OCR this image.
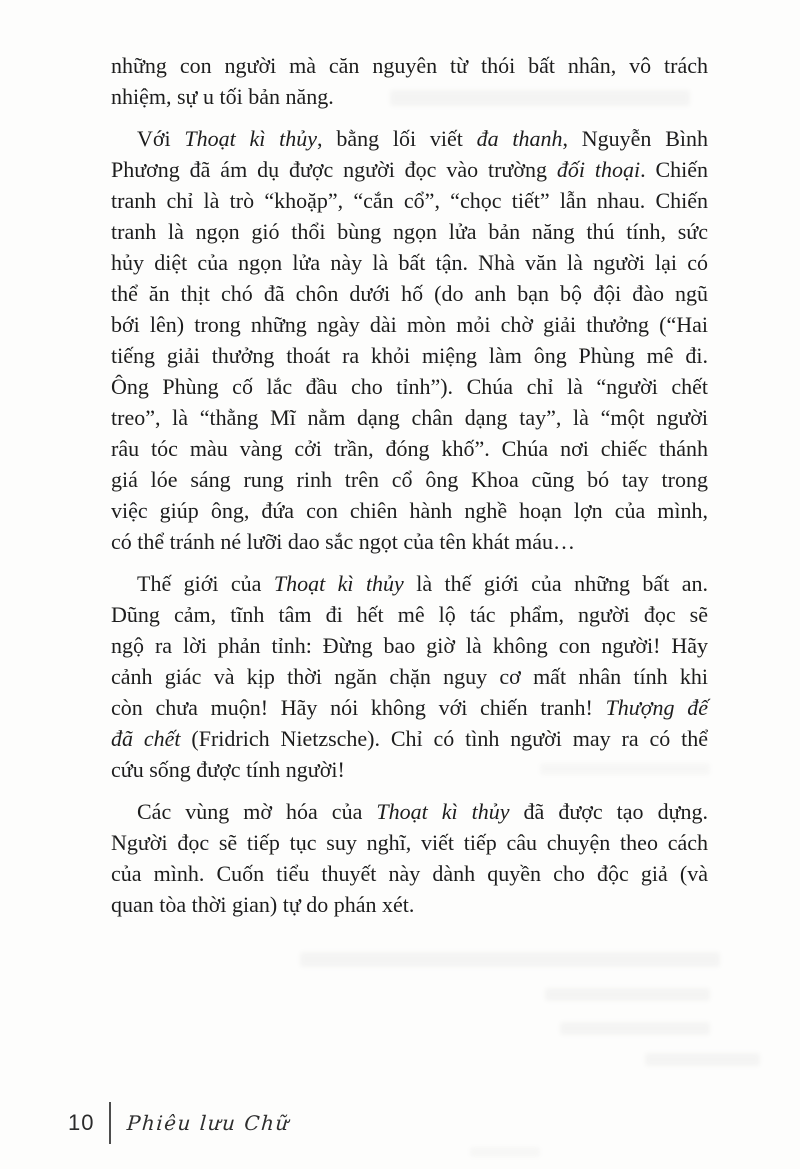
những con người mà căn nguyên từ thói bất nhân, vô trách
nhiệm, sự u tối bản năng.
Với Thoạt kì thủy, bằng lối viết đa thanh, Nguyễn Bình
Phương đã ám dụ được người đọc vào trường đối thoại. Chiến
tranh chỉ là trò “khoặp”, “cắn cổ”, “chọc tiết” lẫn nhau. Chiến
tranh là ngọn gió thổi bùng ngọn lửa bản năng thú tính, sức
hủy diệt của ngọn lửa này là bất tận. Nhà văn là người lại có
thể ăn thịt chó đã chôn dưới hố (do anh bạn bộ đội đào ngũ
bới lên) trong những ngày dài mòn mỏi chờ giải thưởng (“Hai
tiếng giải thưởng thoát ra khỏi miệng làm ông Phùng mê đi.
Ông Phùng cố lắc đầu cho tỉnh”). Chúa chỉ là “người chết
treo”, là “thằng Mĩ nằm dạng chân dạng tay”, là “một người
râu tóc màu vàng cởi trần, đóng khố”. Chúa nơi chiếc thánh
giá lóe sáng rung rinh trên cổ ông Khoa cũng bó tay trong
việc giúp ông, đứa con chiên hành nghề hoạn lợn của mình,
có thể tránh né lưỡi dao sắc ngọt của tên khát máu…
Thế giới của Thoạt kì thủy là thế giới của những bất an.
Dũng cảm, tĩnh tâm đi hết mê lộ tác phẩm, người đọc sẽ
ngộ ra lời phản tỉnh: Đừng bao giờ là không con người! Hãy
cảnh giác và kịp thời ngăn chặn nguy cơ mất nhân tính khi
còn chưa muộn! Hãy nói không với chiến tranh! Thượng đế
đã chết (Fridrich Nietzsche). Chỉ có tình người may ra có thể
cứu sống được tính người!
Các vùng mờ hóa của Thoạt kì thủy đã được tạo dựng.
Người đọc sẽ tiếp tục suy nghĩ, viết tiếp câu chuyện theo cách
của mình. Cuốn tiểu thuyết này dành quyền cho độc giả (và
quan tòa thời gian) tự do phán xét.
10 Phiêu lưu Chữ
